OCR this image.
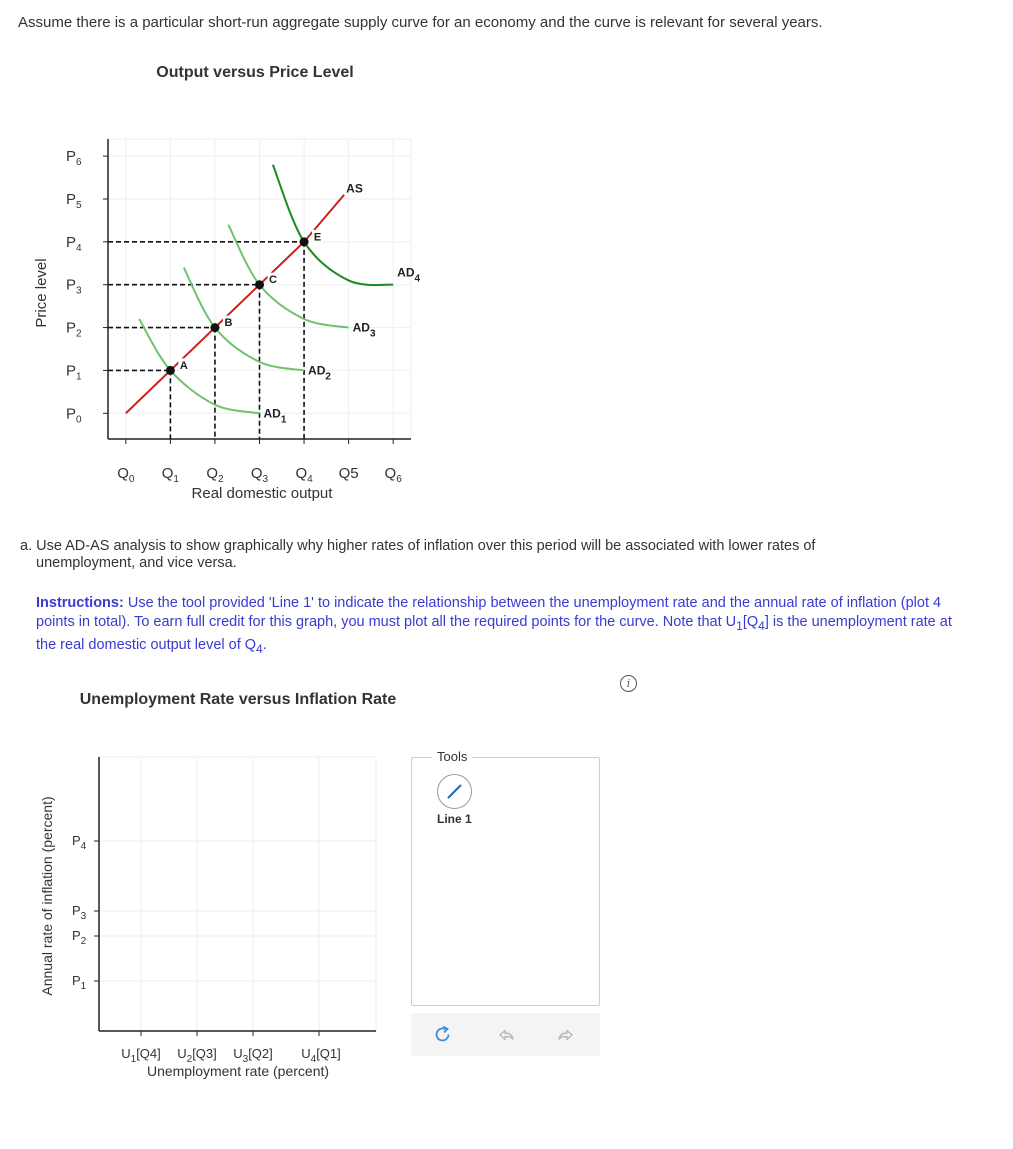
Assume there is a particular short-run aggregate supply curve for an economy and the curve is relevant for several years.
Output versus Price Level
Price level
Real domestic output
$Q_0$ $Q_1$ $Q_2$ $Q_3$ $Q_4$ Q5 $Q_6$
$P_0$
$P_1$
$P_2$
$P_3$
$P_4$
$P_5$
$P_6$
$AD_1$
$AD_2$
$AD_3$
$AD_4$
AS
A
B
C
E
a. Use AD-AS analysis to show graphically why higher rates of inflation over this period will be associated with lower rates of
unemployment, and vice versa.
Instructions: Use the tool provided 'Line 1' to indicate the relationship between the unemployment rate and the annual rate of inflation (plot 4 points in total). To earn full credit for this graph, you must plot all the required points for the curve. Note that $U_1[Q_4]$ is the unemployment rate at the real domestic output level of $Q_4$.
i
Unemployment Rate versus Inflation Rate
Annual rate of inflation (percent)
Unemployment rate (percent)
$U_1[Q4]$ $U_2[Q3]$ $U_3[Q2]$ $U_4[Q1]$
$P_4$
$P_3$
$P_2$
$P_1$
Tools
Line 1
